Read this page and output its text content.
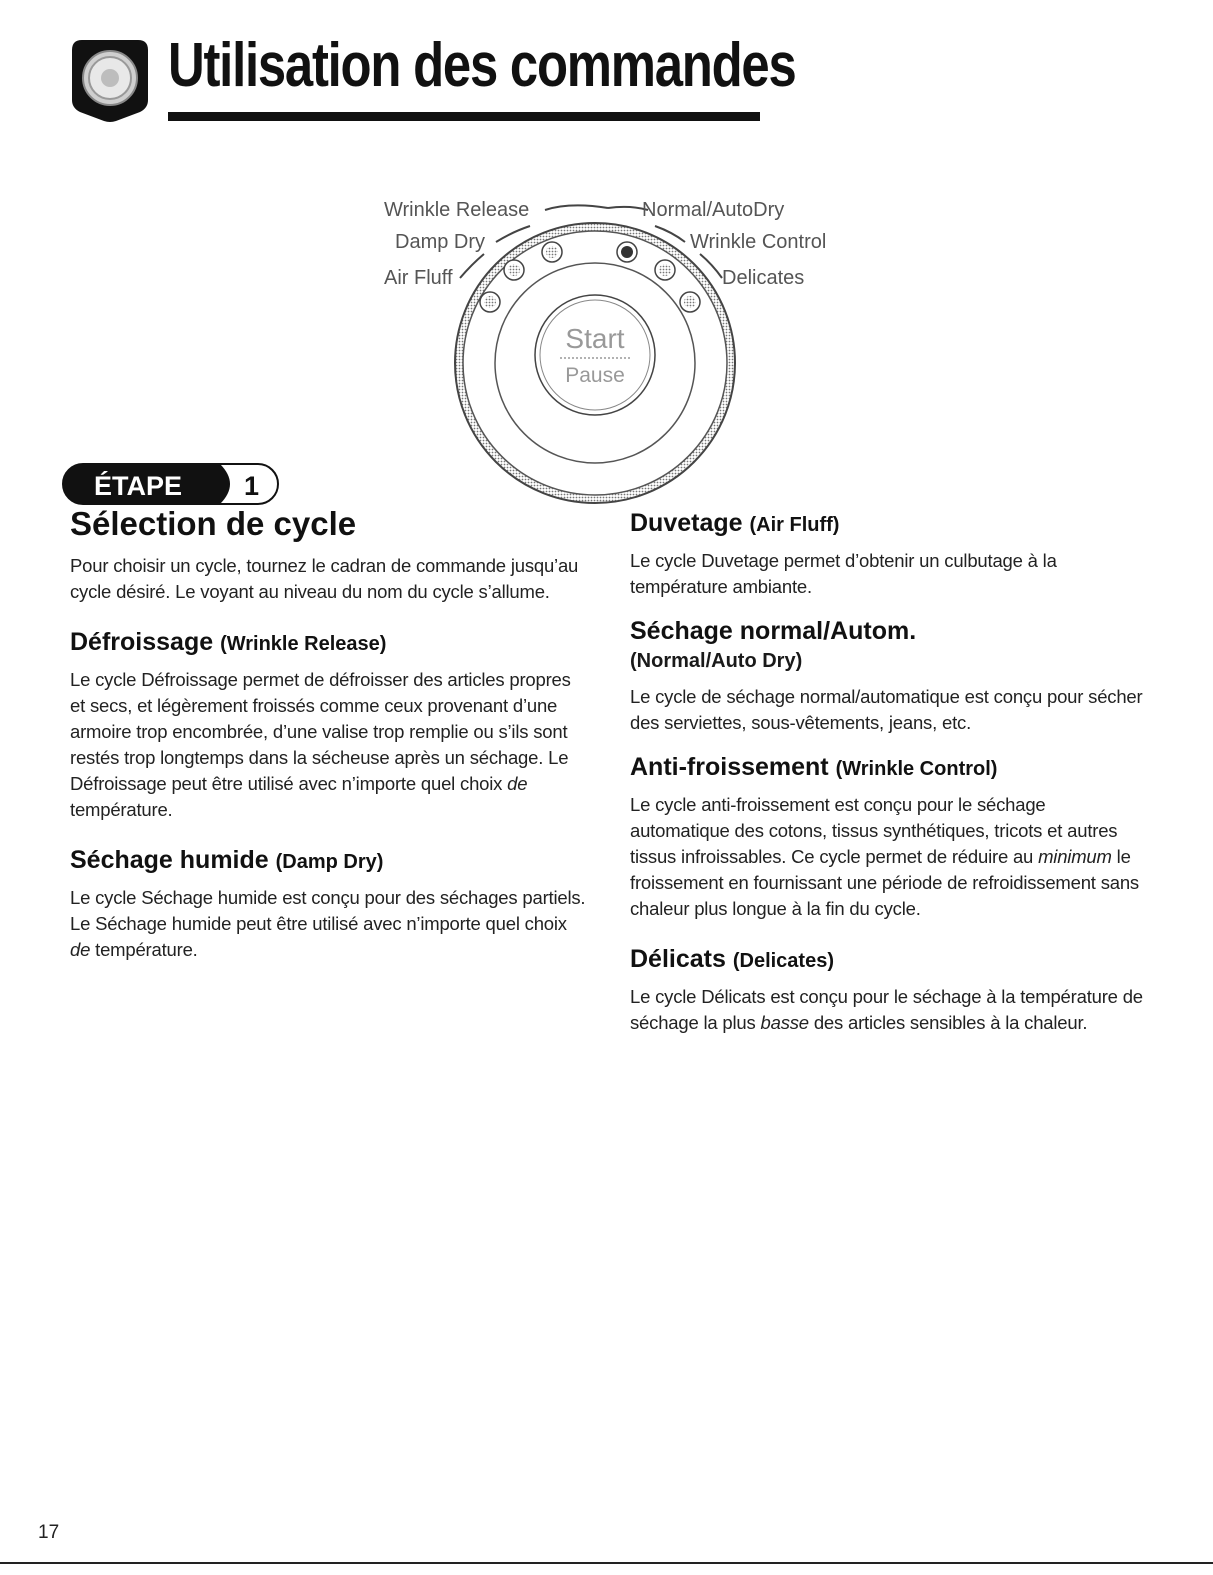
Utilisation des commandes
Start
Pause
Wrinkle Release
Damp Dry
Air Fluff
Normal/AutoDry
Wrinkle Control
Delicates
ÉTAPE 1
Sélection de cycle

Pour choisir un cycle, tournez le cadran de commande jusqu’au cycle désiré. Le voyant au niveau du nom du cycle s’allume.

Défroissage (Wrinkle Release)

Le cycle Défroissage permet de défroisser des articles propres et secs, et légèrement froissés comme ceux provenant d’une armoire trop encombrée, d’une valise trop remplie ou s’ils sont restés trop longtemps dans la sécheuse après un séchage. Le Défroissage peut être utilisé avec n’importe quel choix de température.

Séchage humide (Damp Dry)

Le cycle Séchage humide est conçu pour des séchages partiels. Le Séchage humide peut être utilisé avec n’importe quel choix de température.

Duvetage (Air Fluff)

Le cycle Duvetage permet d’obtenir un culbutage à la température ambiante.

Séchage normal/Autom.
(Normal/Auto Dry)

Le cycle de séchage normal/automatique est conçu pour sécher des serviettes, sous-vêtements, jeans, etc.

Anti-froissement (Wrinkle Control)

Le cycle anti-froissement est conçu pour le séchage automatique des cotons, tissus synthétiques, tricots et autres tissus infroissables. Ce cycle permet de réduire au minimum le froissement en fournissant une période de refroidissement sans chaleur plus longue à la fin du cycle.

Délicats (Delicates)

Le cycle Délicats est conçu pour le séchage à la température de séchage la plus basse des articles sensibles à la chaleur.

17
